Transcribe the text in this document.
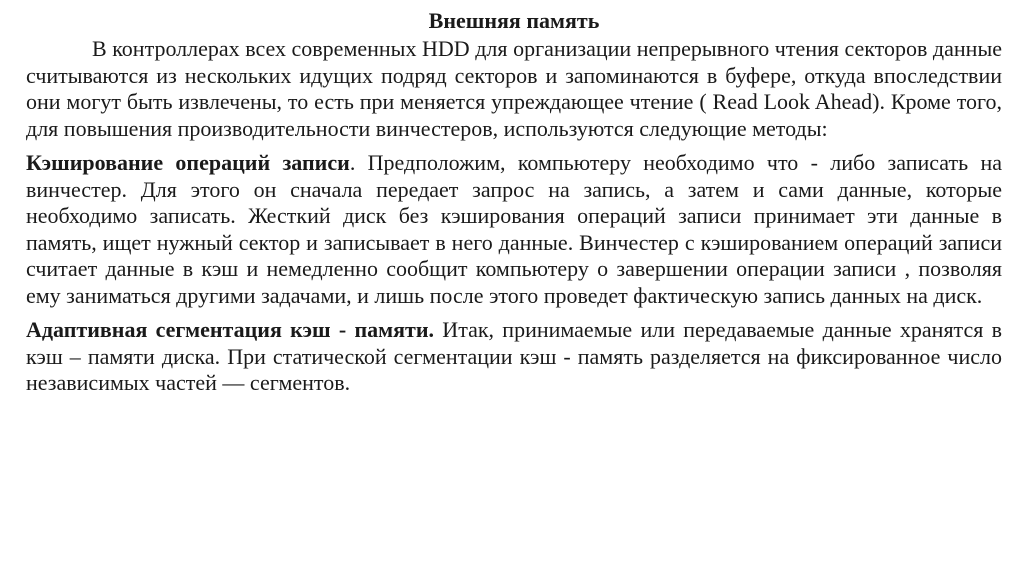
Внешняя память

В контроллерах всех современных HDD для организации непрерывного чтения секторов данные считываются из нескольких идущих подряд секторов и запоминаются в буфере, откуда впоследствии они могут быть извлечены, то есть при меняется упреждающее чтение ( Read Look Ahead). Кроме того, для повышения производительности винчестеров, используются следующие методы:

Кэширование операций записи. Предположим, компьютеру необходимо что - либо записать на винчестер. Для этого он сначала передает запрос на запись, а затем и сами данные, которые необходимо записать. Жесткий диск без кэширования операций записи принимает эти данные в память, ищет нужный сектор и записывает в него данные. Винчестер с кэшированием операций записи считает данные в кэш и немедленно сообщит компьютеру о завершении операции записи , позволяя ему заниматься другими задачами, и лишь после этого проведет фактическую запись данных на диск.

Адаптивная сегментация кэш - памяти. Итак, принимаемые или передаваемые данные хранятся в кэш – памяти диска. При статической сегментации кэш - память разделяется на фиксированное число независимых частей — сегментов.
